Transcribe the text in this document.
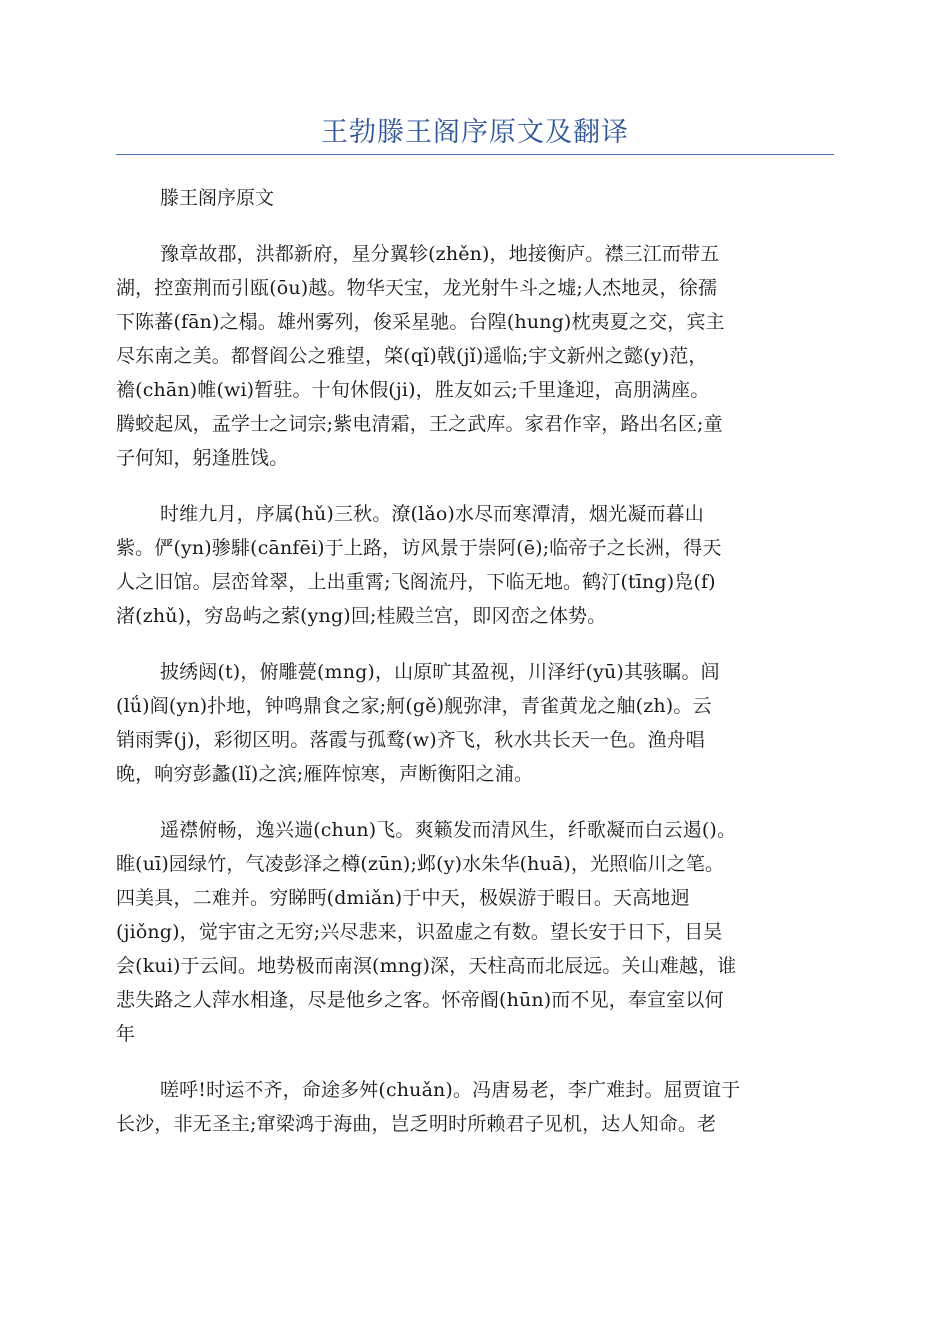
王勃滕王阁序原文及翻译
滕王阁序原文
豫章故郡，洪都新府，星分翼轸(zhěn)，地接衡庐。襟三江而带五
湖，控蛮荆而引瓯(ōu)越。物华天宝，龙光射牛斗之墟;人杰地灵，徐孺
下陈蕃(fān)之榻。雄州雾列，俊采星驰。台隍(hung)枕夷夏之交，宾主
尽东南之美。都督阎公之雅望，棨(qǐ)戟(jǐ)遥临;宇文新州之懿(y)范，
襜(chān)帷(wi)暂驻。十旬休假(ji)，胜友如云;千里逢迎，高朋满座。
腾蛟起凤，孟学士之词宗;紫电清霜，王之武库。家君作宰，路出名区;童
子何知，躬逢胜饯。
时维九月，序属(hǔ)三秋。潦(lǎo)水尽而寒潭清，烟光凝而暮山
紫。俨(yn)骖騑(cānfēi)于上路，访风景于崇阿(ē);临帝子之长洲，得天
人之旧馆。层峦耸翠，上出重霄;飞阁流丹，下临无地。鹤汀(tīng)凫(f)
渚(zhǔ)，穷岛屿之萦(yng)回;桂殿兰宫，即冈峦之体势。
披绣闼(t)，俯雕甍(mng)，山原旷其盈视，川泽纡(yū)其骇瞩。闾
(lǘ)阎(yn)扑地，钟鸣鼎食之家;舸(gě)舰弥津，青雀黄龙之舳(zh)。云
销雨霁(j)，彩彻区明。落霞与孤鹜(w)齐飞，秋水共长天一色。渔舟唱
晚，响穷彭蠡(lǐ)之滨;雁阵惊寒，声断衡阳之浦。
遥襟俯畅，逸兴遄(chun)飞。爽籁发而清风生，纤歌凝而白云遏()。
睢(uī)园绿竹，气凌彭泽之樽(zūn);邺(y)水朱华(huā)，光照临川之笔。
四美具，二难并。穷睇眄(dmiǎn)于中天，极娱游于暇日。天高地迥
(jiǒng)，觉宇宙之无穷;兴尽悲来，识盈虚之有数。望长安于日下，目吴
会(kui)于云间。地势极而南溟(mng)深，天柱高而北辰远。关山难越，谁
悲失路之人萍水相逢，尽是他乡之客。怀帝阍(hūn)而不见，奉宣室以何
年
嗟呼!时运不齐，命途多舛(chuǎn)。冯唐易老，李广难封。屈贾谊于
长沙，非无圣主;窜梁鸿于海曲，岂乏明时所赖君子见机，达人知命。老
